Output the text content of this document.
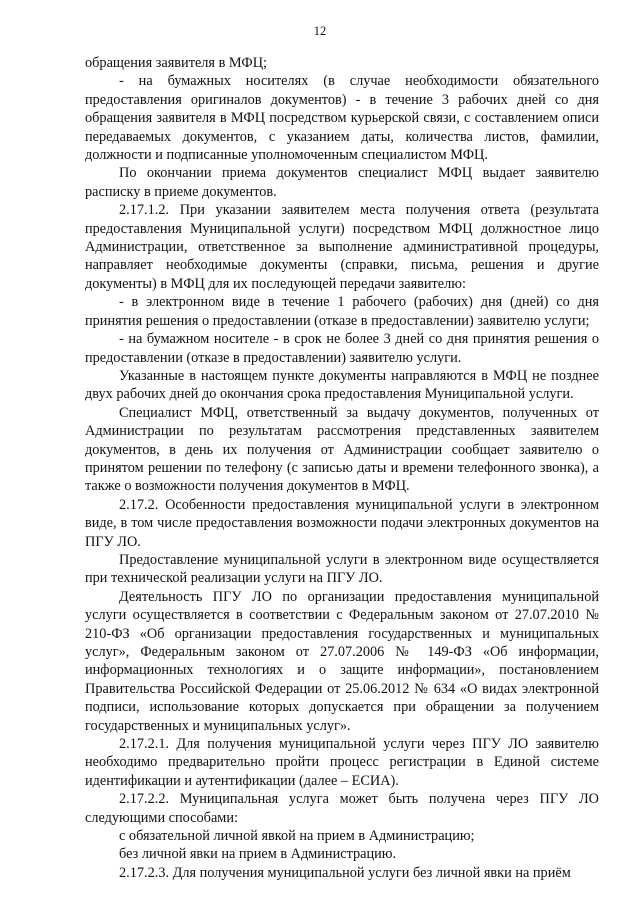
12

обращения заявителя в МФЦ;

- на бумажных носителях (в случае необходимости обязательного предоставления оригиналов документов) - в течение 3 рабочих дней со дня обращения заявителя в МФЦ посредством курьерской связи, с составлением описи передаваемых документов, с указанием даты, количества листов, фамилии, должности и подписанные уполномоченным специалистом МФЦ.

По окончании приема документов специалист МФЦ выдает заявителю расписку в приеме документов.

2.17.1.2. При указании заявителем места получения ответа (результата предоставления Муниципальной услуги) посредством МФЦ должностное лицо Администрации, ответственное за выполнение административной процедуры, направляет необходимые документы (справки, письма, решения и другие документы) в МФЦ для их последующей передачи заявителю:

- в электронном виде в течение 1 рабочего (рабочих) дня (дней) со дня принятия решения о предоставлении (отказе в предоставлении) заявителю услуги;

- на бумажном носителе - в срок не более 3 дней со дня принятия решения о предоставлении (отказе в предоставлении) заявителю услуги.

Указанные в настоящем пункте документы направляются в МФЦ не позднее двух рабочих дней до окончания срока предоставления Муниципальной услуги.

Специалист МФЦ, ответственный за выдачу документов, полученных от Администрации по результатам рассмотрения представленных заявителем документов, в день их получения от Администрации сообщает заявителю о принятом решении по телефону (с записью даты и времени телефонного звонка), а также о возможности получения документов в МФЦ.

2.17.2. Особенности предоставления муниципальной услуги в электронном виде, в том числе предоставления возможности подачи электронных документов на ПГУ ЛО.

Предоставление муниципальной услуги в электронном виде осуществляется при технической реализации услуги на ПГУ ЛО.

Деятельность ПГУ ЛО по организации предоставления муниципальной услуги осуществляется в соответствии с Федеральным законом от 27.07.2010 № 210-ФЗ «Об организации предоставления государственных и муниципальных услуг», Федеральным законом от 27.07.2006 № 149-ФЗ «Об информации, информационных технологиях и о защите информации», постановлением Правительства Российской Федерации от 25.06.2012 № 634 «О видах электронной подписи, использование которых допускается при обращении за получением государственных и муниципальных услуг».

2.17.2.1. Для получения муниципальной услуги через ПГУ ЛО заявителю необходимо предварительно пройти процесс регистрации в Единой системе идентификации и аутентификации (далее – ЕСИА).

2.17.2.2. Муниципальная услуга может быть получена через ПГУ ЛО следующими способами:

с обязательной личной явкой на прием в Администрацию;

без личной явки на прием в Администрацию.

2.17.2.3. Для получения муниципальной услуги без личной явки на приём
